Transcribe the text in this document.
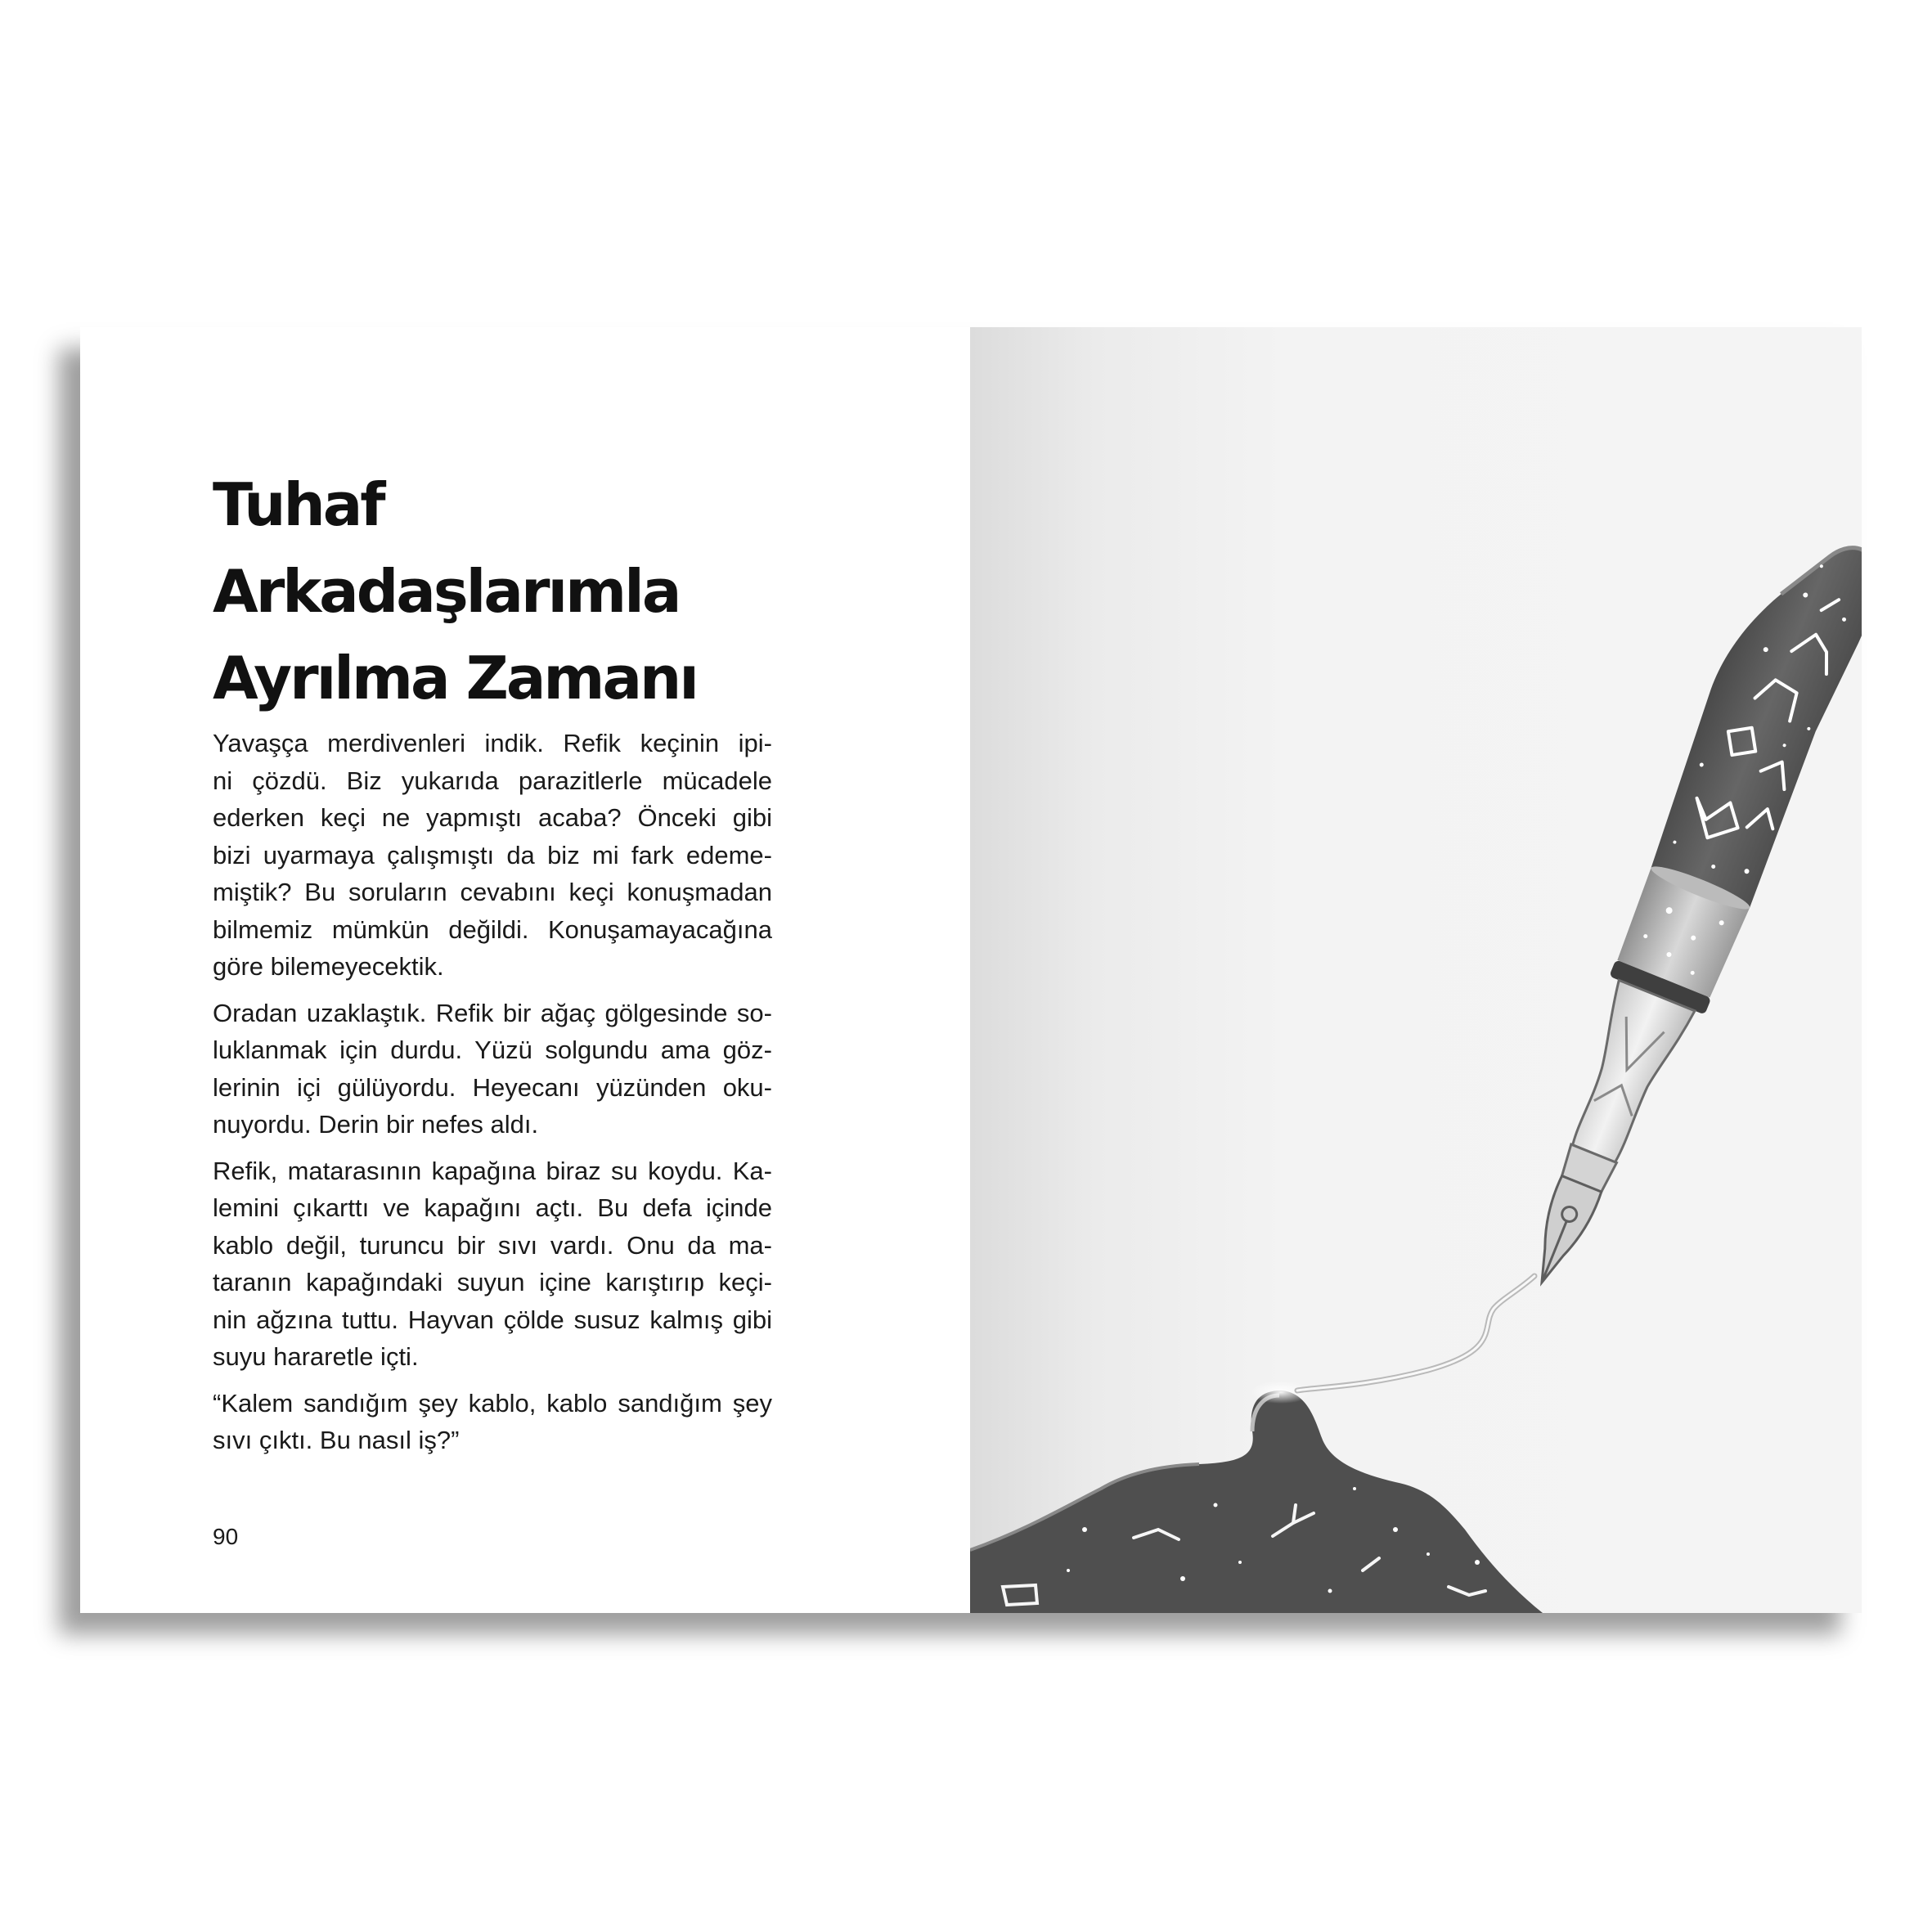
Tuhaf Arkadaşlarımla
Ayrılma Zamanı

Yavaşça merdivenleri indik. Refik keçinin ipi-
ni çözdü. Biz yukarıda parazitlerle mücadele
ederken keçi ne yapmıştı acaba? Önceki gibi
bizi uyarmaya çalışmıştı da biz mi fark edeme-
miştik? Bu soruların cevabını keçi konuşmadan
bilmemiz mümkün değildi. Konuşamayacağına
göre bilemeyecektik.

Oradan uzaklaştık. Refik bir ağaç gölgesinde so-
luklanmak için durdu. Yüzü solgundu ama göz-
lerinin içi gülüyordu. Heyecanı yüzünden oku-
nuyordu. Derin bir nefes aldı.

Refik, matarasının kapağına biraz su koydu. Ka-
lemini çıkarttı ve kapağını açtı. Bu defa içinde
kablo değil, turuncu bir sıvı vardı. Onu da ma-
taranın kapağındaki suyun içine karıştırıp keçi-
nin ağzına tuttu. Hayvan çölde susuz kalmış gibi
suyu hararetle içti.

“Kalem sandığım şey kablo, kablo sandığım şey
sıvı çıktı. Bu nasıl iş?”

90
